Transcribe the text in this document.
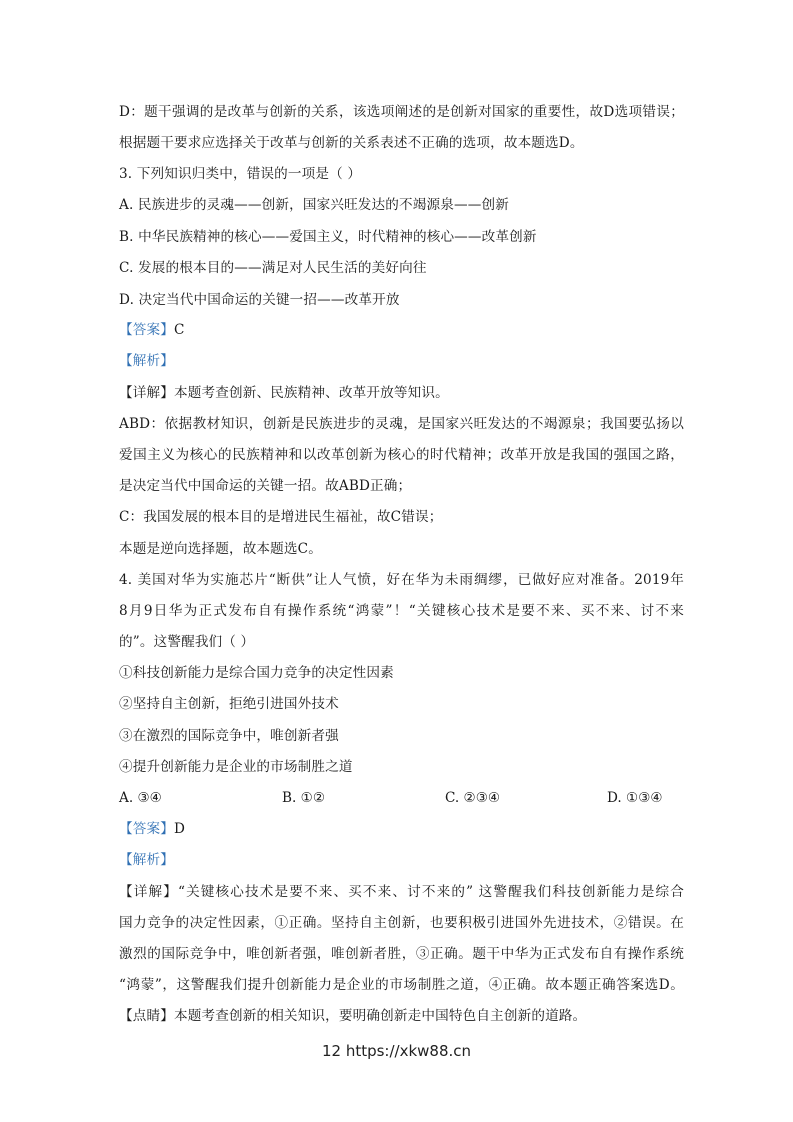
D：题干强调的是改革与创新的关系，该选项阐述的是创新对国家的重要性，故D选项错误；
根据题干要求应选择关于改革与创新的关系表述不正确的选项，故本题选D。
3. 下列知识归类中，错误的一项是（ ）
A. 民族进步的灵魂——创新，国家兴旺发达的不竭源泉——创新
B. 中华民族精神的核心——爱国主义，时代精神的核心——改革创新
C. 发展的根本目的——满足对人民生活的美好向往
D. 决定当代中国命运的关键一招——改革开放
【答案】C
【解析】
【详解】本题考查创新、民族精神、改革开放等知识。
ABD：依据教材知识，创新是民族进步的灵魂，是国家兴旺发达的不竭源泉；我国要弘扬以
爱国主义为核心的民族精神和以改革创新为核心的时代精神；改革开放是我国的强国之路，
是决定当代中国命运的关键一招。故ABD正确；
C：我国发展的根本目的是增进民生福祉，故C错误；
本题是逆向选择题，故本题选C。
4. 美国对华为实施芯片“断供”让人气愤，好在华为未雨绸缪，已做好应对准备。2019年
8月9日华为正式发布自有操作系统“鸿蒙”！“关键核心技术是要不来、买不来、讨不来
的”。这警醒我们（ ）
①科技创新能力是综合国力竞争的决定性因素
②坚持自主创新，拒绝引进国外技术
③在激烈的国际竞争中，唯创新者强
④提升创新能力是企业的市场制胜之道
A. ③④	B. ①②	C. ②③④	D. ①③④
【答案】D
【解析】
【详解】“关键核心技术是要不来、买不来、讨不来的” 这警醒我们科技创新能力是综合
国力竞争的决定性因素，①正确。坚持自主创新，也要积极引进国外先进技术，②错误。在
激烈的国际竞争中，唯创新者强，唯创新者胜，③正确。题干中华为正式发布自有操作系统
“鸿蒙”，这警醒我们提升创新能力是企业的市场制胜之道，④正确。故本题正确答案选D。
【点睛】本题考查创新的相关知识，要明确创新走中国特色自主创新的道路。
12 https://xkw88.cn
